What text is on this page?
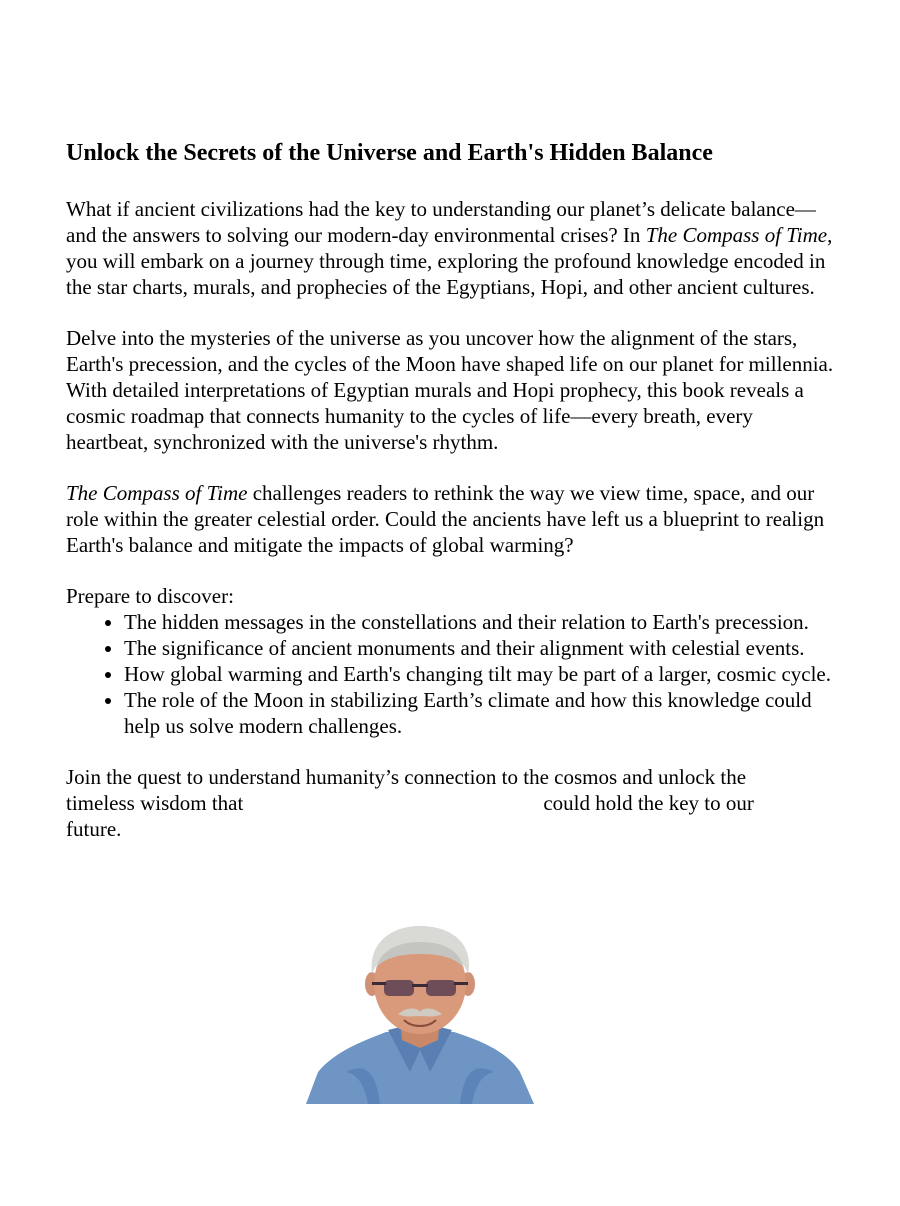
Unlock the Secrets of the Universe and Earth's Hidden Balance

What if ancient civilizations had the key to understanding our planet’s delicate balance—and the answers to solving our modern-day environmental crises? In The Compass of Time, you will embark on a journey through time, exploring the profound knowledge encoded in the star charts, murals, and prophecies of the Egyptians, Hopi, and other ancient cultures.

Delve into the mysteries of the universe as you uncover how the alignment of the stars, Earth's precession, and the cycles of the Moon have shaped life on our planet for millennia. With detailed interpretations of Egyptian murals and Hopi prophecy, this book reveals a cosmic roadmap that connects humanity to the cycles of life—every breath, every heartbeat, synchronized with the universe's rhythm.

The Compass of Time challenges readers to rethink the way we view time, space, and our role within the greater celestial order. Could the ancients have left us a blueprint to realign Earth's balance and mitigate the impacts of global warming?

Prepare to discover:

• The hidden messages in the constellations and their relation to Earth's precession.
• The significance of ancient monuments and their alignment with celestial events.
• How global warming and Earth's changing tilt may be part of a larger, cosmic cycle.
• The role of the Moon in stabilizing Earth’s climate and how this knowledge could help us solve modern challenges.

Join the quest to understand humanity’s connection to the cosmos and unlock the
timeless wisdom that	could hold the key to our
future.
